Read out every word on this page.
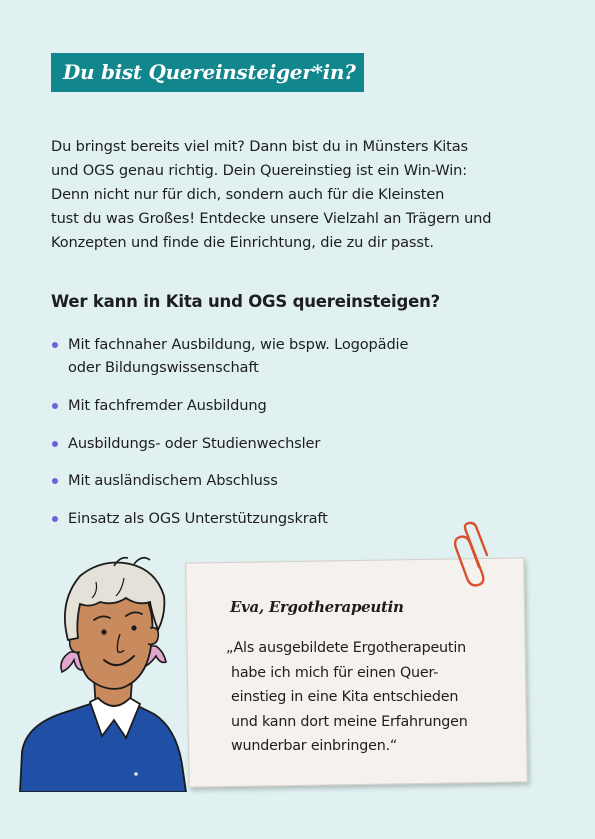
Du bist Quereinsteiger*in?

Du bringst bereits viel mit? Dann bist du in Münsters Kitas
und OGS genau richtig. Dein Quereinstieg ist ein Win-Win:
Denn nicht nur für dich, sondern auch für die Kleinsten
tust du was Großes! Entdecke unsere Vielzahl an Trägern und
Konzepten und finde die Einrichtung, die zu dir passt.

Wer kann in Kita und OGS quereinsteigen?
Mit fachnaher Ausbildung, wie bspw. Logopädie
oder Bildungswissenschaft
Mit fachfremder Ausbildung
Ausbildungs- oder Studienwechsler
Mit ausländischem Abschluss
Einsatz als OGS Unterstützungskraft

Eva, Ergotherapeutin

„Als ausgebildete Ergotherapeutin
habe ich mich für einen Quer-
einstieg in eine Kita entschieden
und kann dort meine Erfahrungen
wunderbar einbringen.“
